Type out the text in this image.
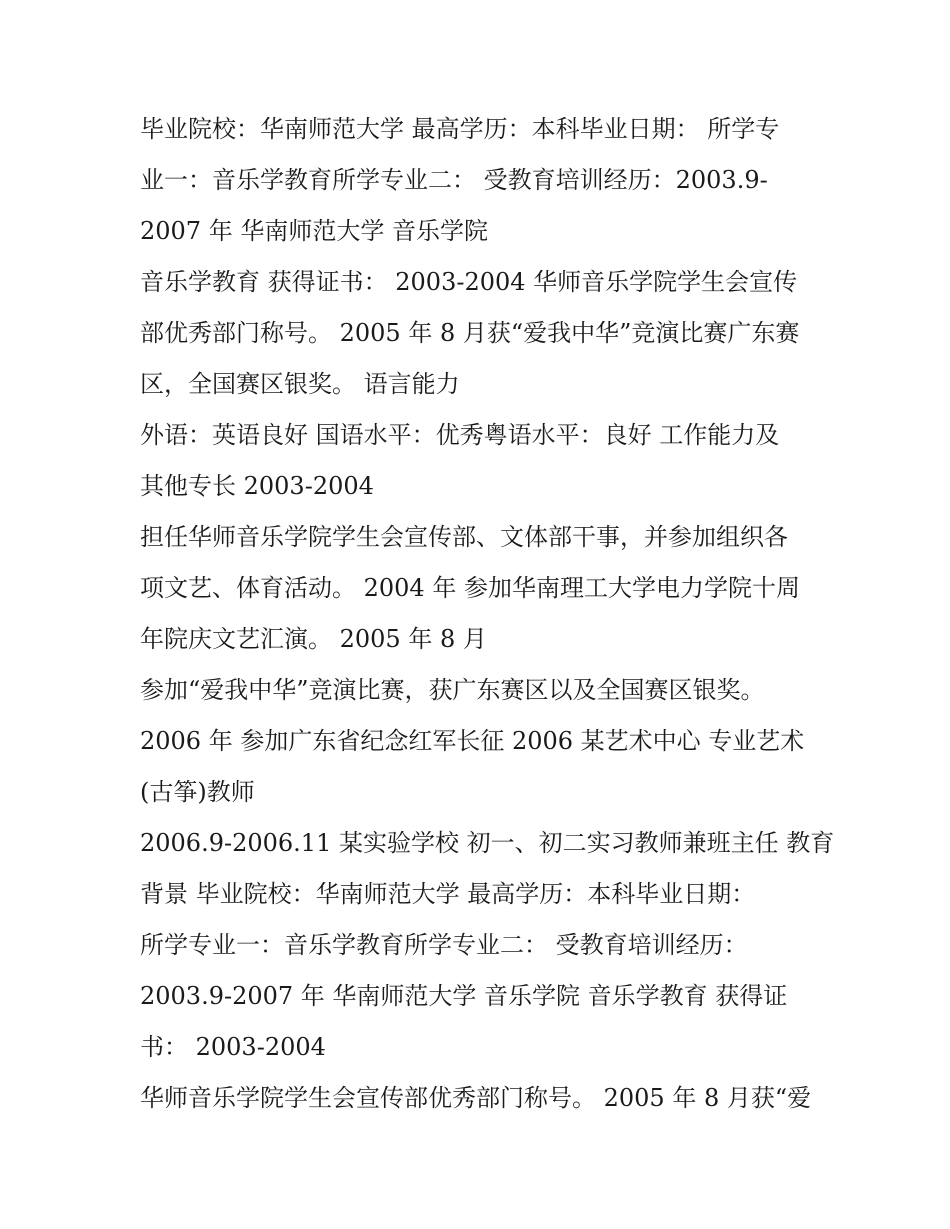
毕业院校：华南师范大学 最高学历：本科毕业日期： 所学专
业一：音乐学教育所学专业二： 受教育培训经历：2003.9-
2007 年 华南师范大学 音乐学院
音乐学教育 获得证书： 2003-2004 华师音乐学院学生会宣传
部优秀部门称号。 2005 年 8 月获“爱我中华”竞演比赛广东赛
区，全国赛区银奖。 语言能力
外语：英语良好 国语水平：优秀粤语水平：良好 工作能力及
其他专长 2003-2004
担任华师音乐学院学生会宣传部、文体部干事，并参加组织各
项文艺、体育活动。 2004 年 参加华南理工大学电力学院十周
年院庆文艺汇演。 2005 年 8 月
参加“爱我中华”竞演比赛，获广东赛区以及全国赛区银奖。
2006 年 参加广东省纪念红军长征 2006 某艺术中心 专业艺术
(古筝)教师
2006.9-2006.11 某实验学校 初一、初二实习教师兼班主任 教育
背景 毕业院校：华南师范大学 最高学历：本科毕业日期：
所学专业一：音乐学教育所学专业二： 受教育培训经历：
2003.9-2007 年 华南师范大学 音乐学院 音乐学教育 获得证
书： 2003-2004
华师音乐学院学生会宣传部优秀部门称号。 2005 年 8 月获“爱
